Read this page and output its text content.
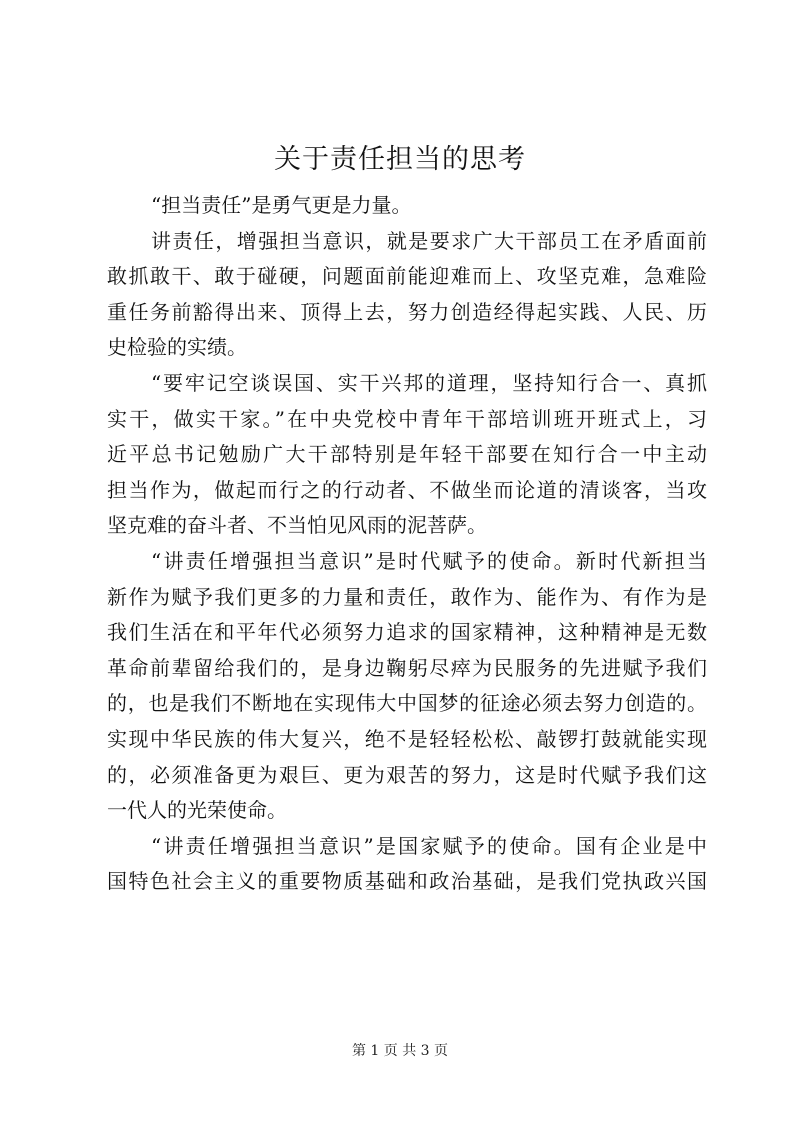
关于责任担当的思考
“担当责任”是勇气更是力量。
讲责任，增强担当意识，就是要求广大干部员工在矛盾面前
敢抓敢干、敢于碰硬，问题面前能迎难而上、攻坚克难，急难险
重任务前豁得出来、顶得上去，努力创造经得起实践、人民、历
史检验的实绩。
“要牢记空谈误国、实干兴邦的道理，坚持知行合一、真抓
实干，做实干家。”在中央党校中青年干部培训班开班式上，习
近平总书记勉励广大干部特别是年轻干部要在知行合一中主动
担当作为，做起而行之的行动者、不做坐而论道的清谈客，当攻
坚克难的奋斗者、不当怕见风雨的泥菩萨。
“讲责任增强担当意识”是时代赋予的使命。新时代新担当
新作为赋予我们更多的力量和责任，敢作为、能作为、有作为是
我们生活在和平年代必须努力追求的国家精神，这种精神是无数
革命前辈留给我们的，是身边鞠躬尽瘁为民服务的先进赋予我们
的，也是我们不断地在实现伟大中国梦的征途必须去努力创造的。
实现中华民族的伟大复兴，绝不是轻轻松松、敲锣打鼓就能实现
的，必须准备更为艰巨、更为艰苦的努力，这是时代赋予我们这
一代人的光荣使命。
“讲责任增强担当意识”是国家赋予的使命。国有企业是中
国特色社会主义的重要物质基础和政治基础，是我们党执政兴国
第 1 页 共 3 页
